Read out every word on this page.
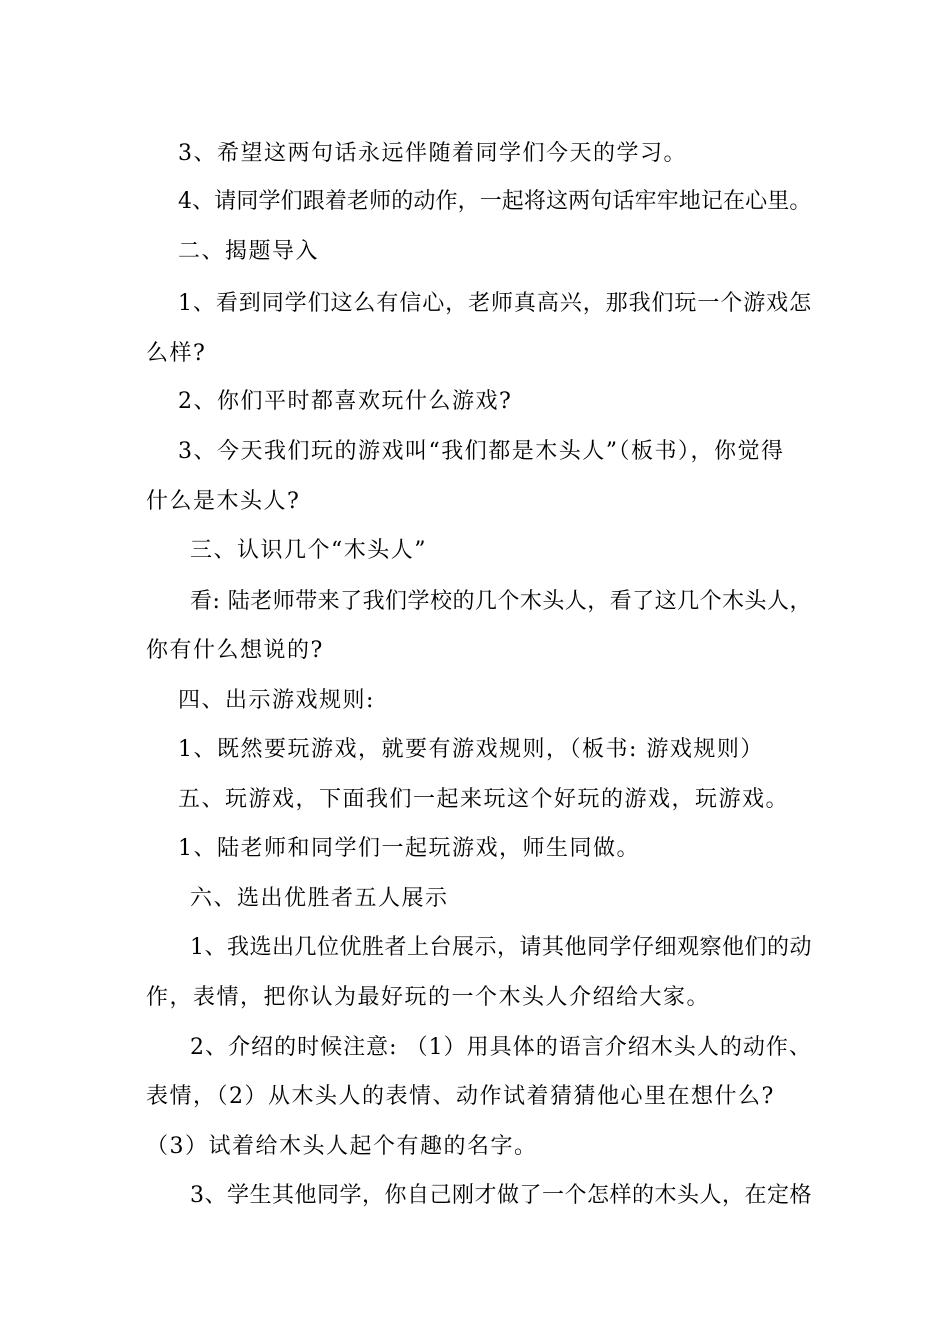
3、希望这两句话永远伴随着同学们今天的学习。
4、请同学们跟着老师的动作，一起将这两句话牢牢地记在心里。
二、揭题导入
1、看到同学们这么有信心，老师真高兴，那我们玩一个游戏怎
么样?
2、你们平时都喜欢玩什么游戏?
3、今天我们玩的游戏叫“我们都是木头人”（板书），你觉得
什么是木头人?
三、认识几个“木头人”
看: 陆老师带来了我们学校的几个木头人，看了这几个木头人，
你有什么想说的?
四、出示游戏规则:
1、既然要玩游戏，就要有游戏规则，（板书: 游戏规则）
五、玩游戏，下面我们一起来玩这个好玩的游戏，玩游戏。
1、陆老师和同学们一起玩游戏，师生同做。
六、选出优胜者五人展示
1、我选出几位优胜者上台展示，请其他同学仔细观察他们的动
作，表情，把你认为最好玩的一个木头人介绍给大家。
2、介绍的时候注意: （1）用具体的语言介绍木头人的动作、
表情，（2）从木头人的表情、动作试着猜猜他心里在想什么?
（3）试着给木头人起个有趣的名字。
3、学生其他同学，你自己刚才做了一个怎样的木头人，在定格
